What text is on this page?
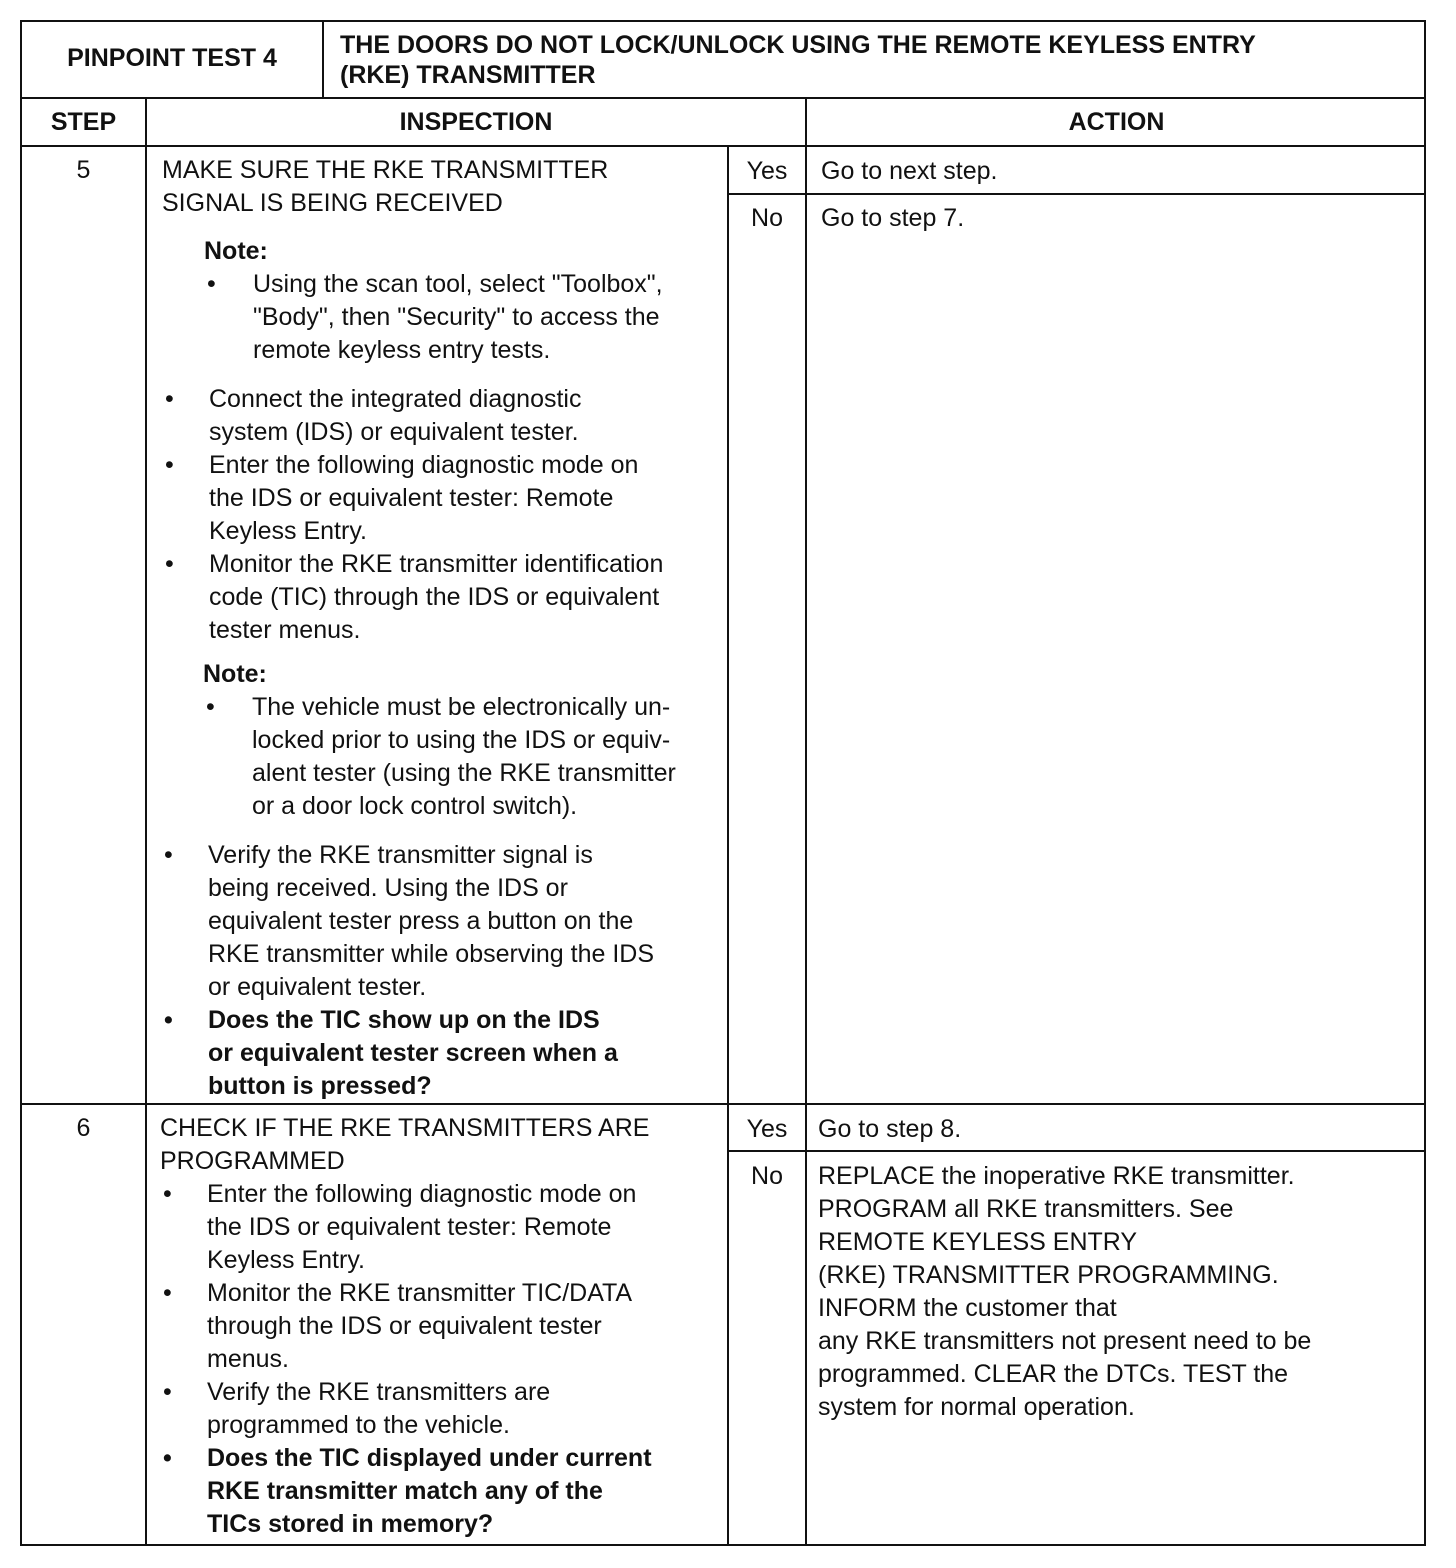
PINPOINT TEST 4	THE DOORS DO NOT LOCK/UNLOCK USING THE REMOTE KEYLESS ENTRY
(RKE) TRANSMITTER
STEP	INSPECTION	ACTION
5	MAKE SURE THE RKE TRANSMITTER
SIGNAL IS BEING RECEIVED
Note:
• Using the scan tool, select "Toolbox",
"Body", then "Security" to access the
remote keyless entry tests.
• Connect the integrated diagnostic
system (IDS) or equivalent tester.
• Enter the following diagnostic mode on
the IDS or equivalent tester: Remote
Keyless Entry.
• Monitor the RKE transmitter identification
code (TIC) through the IDS or equivalent
tester menus.
Note:
• The vehicle must be electronically un-
locked prior to using the IDS or equiv-
alent tester (using the RKE transmitter
or a door lock control switch).
• Verify the RKE transmitter signal is
being received. Using the IDS or
equivalent tester press a button on the
RKE transmitter while observing the IDS
or equivalent tester.
• Does the TIC show up on the IDS
or equivalent tester screen when a
button is pressed?
Yes	Go to next step.
No	Go to step 7.
6	CHECK IF THE RKE TRANSMITTERS ARE
PROGRAMMED
• Enter the following diagnostic mode on
the IDS or equivalent tester: Remote
Keyless Entry.
• Monitor the RKE transmitter TIC/DATA
through the IDS or equivalent tester
menus.
• Verify the RKE transmitters are
programmed to the vehicle.
• Does the TIC displayed under current
RKE transmitter match any of the
TICs stored in memory?
Yes	Go to step 8.
No	REPLACE the inoperative RKE transmitter.
PROGRAM all RKE transmitters. See
REMOTE KEYLESS ENTRY
(RKE) TRANSMITTER PROGRAMMING.
INFORM the customer that
any RKE transmitters not present need to be
programmed. CLEAR the DTCs. TEST the
system for normal operation.
